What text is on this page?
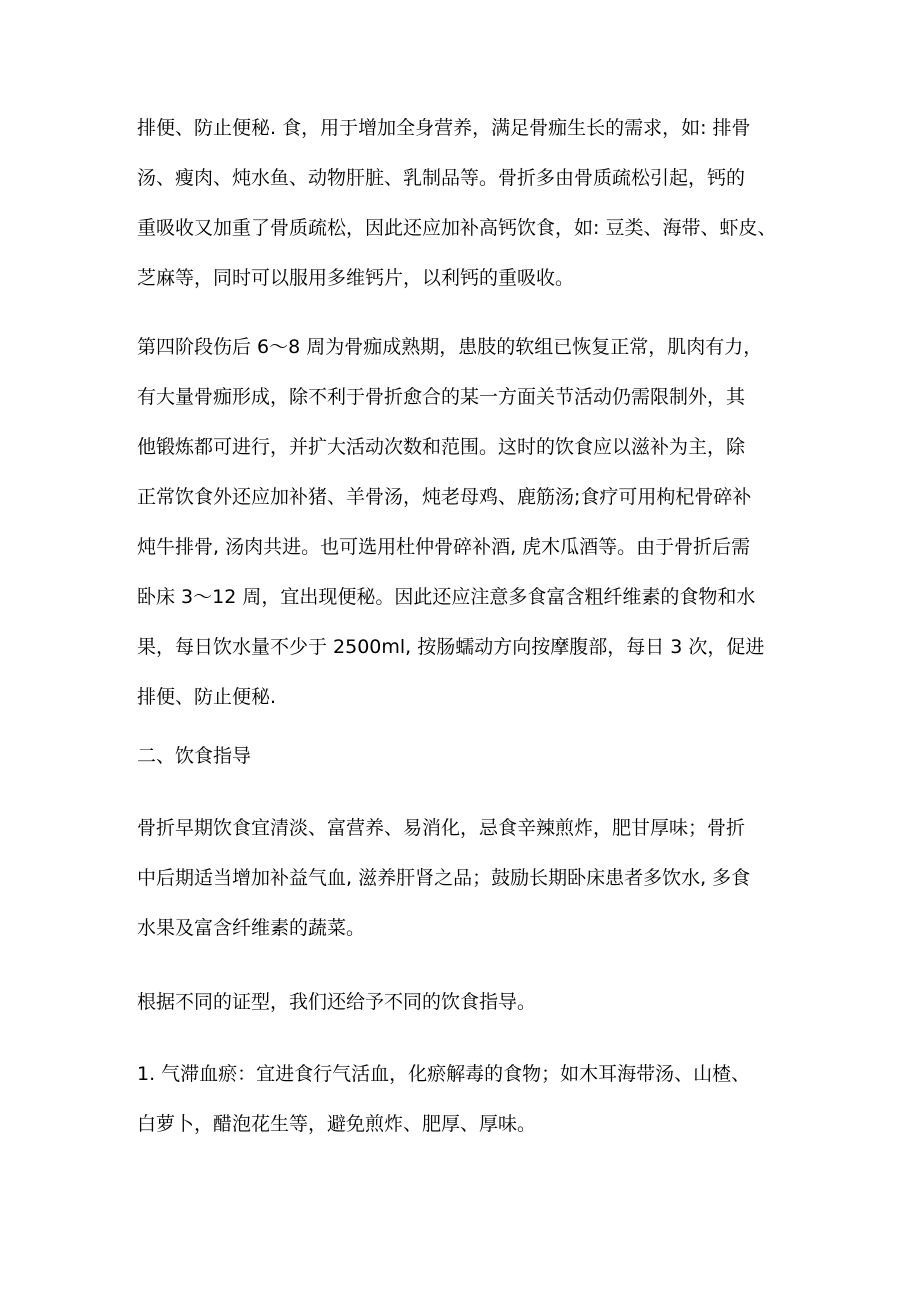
排便、防止便秘. 食，用于增加全身营养，满足骨痂生长的需求，如: 排骨
汤、瘦肉、炖水鱼、动物肝脏、乳制品等。骨折多由骨质疏松引起，钙的
重吸收又加重了骨质疏松，因此还应加补高钙饮食，如: 豆类、海带、虾皮、
芝麻等，同时可以服用多维钙片，以利钙的重吸收。
第四阶段伤后 6～8 周为骨痂成熟期，患肢的软组已恢复正常，肌肉有力，
有大量骨痂形成，除不利于骨折愈合的某一方面关节活动仍需限制外，其
他锻炼都可进行，并扩大活动次数和范围。这时的饮食应以滋补为主，除
正常饮食外还应加补猪、羊骨汤，炖老母鸡、鹿筋汤;食疗可用枸杞骨碎补
炖牛排骨, 汤肉共进。也可选用杜仲骨碎补酒, 虎木瓜酒等。由于骨折后需
卧床 3～12 周，宜出现便秘。因此还应注意多食富含粗纤维素的食物和水
果，每日饮水量不少于 2500ml, 按肠蠕动方向按摩腹部，每日 3 次，促进
排便、防止便秘.
二、饮食指导
骨折早期饮食宜清淡、富营养、易消化，忌食辛辣煎炸，肥甘厚味；骨折
中后期适当增加补益气血, 滋养肝肾之品；鼓励长期卧床患者多饮水, 多食
水果及富含纤维素的蔬菜。
根据不同的证型，我们还给予不同的饮食指导。
1. 气滞血瘀：宜进食行气活血，化瘀解毒的食物；如木耳海带汤、山楂、
白萝卜，醋泡花生等，避免煎炸、肥厚、厚味。
